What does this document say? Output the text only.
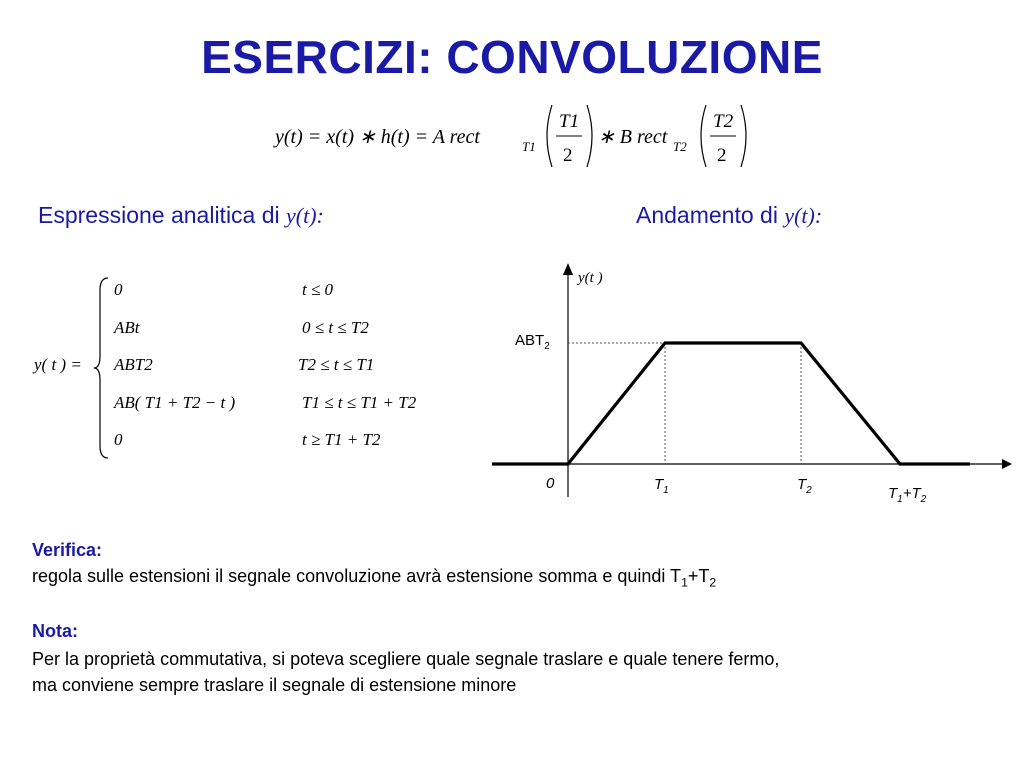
ESERCIZI: CONVOLUZIONE
y(t) = x(t) ∗ h(t) = A rect	T1
T1
2
∗ B rect T2
T2
2
Espressione analitica di y(t):	Andamento di y(t):
y( t ) =
0	t ≤ 0
ABt	0 ≤ t ≤ T2
ABT2	T2 ≤ t ≤ T1
AB( T1 + T2 − t )	T1 ≤ t ≤ T1 + T2
0	t ≥ T1 + T2
y(t )
$ABT_2$
0	$T_1$	$T_2$	$T_1+T_2$
Verifica:
regola sulle estensioni il segnale convoluzione avrà estensione somma e quindi $T_1+T_2$
Nota:
Per la proprietà commutativa, si poteva scegliere quale segnale traslare e quale tenere fermo,
ma conviene sempre traslare il segnale di estensione minore
